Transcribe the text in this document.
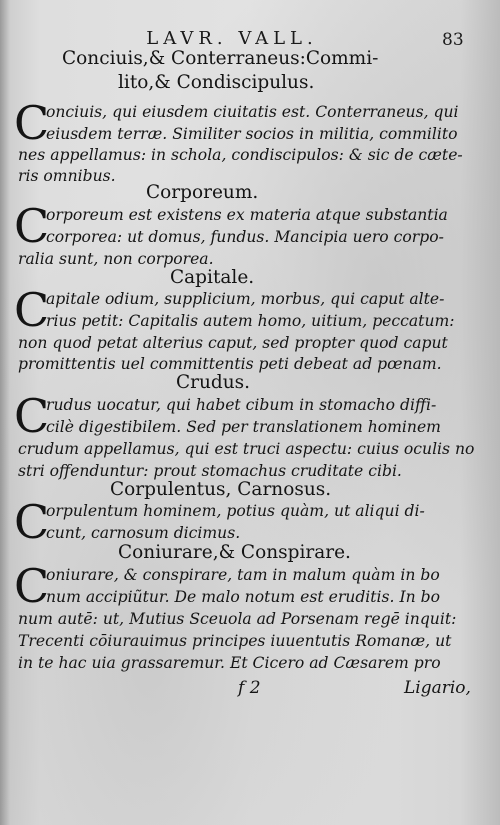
LAVR. VALL.	83
Conciuis,& Conterraneus:Commi-
lito,& Condiscipulus.
C
onciuis, qui eiusdem ciuitatis est. Conterraneus, qui
eiusdem terræ. Similiter socios in militia, commilito
nes appellamus: in schola, condiscipulos: & sic de cæte-
ris omnibus.
Corporeum.
C
orporeum est existens ex materia atque substantia
corporea: ut domus, fundus. Mancipia uero corpo-
ralia sunt, non corporea.
Capitale.
C
apitale odium, supplicium, morbus, qui caput alte-
rius petit: Capitalis autem homo, uitium, peccatum:
non quod petat alterius caput, sed propter quod caput
promittentis uel committentis peti debeat ad pœnam.
Crudus.
C
rudus uocatur, qui habet cibum in stomacho diffi-
cilè digestibilem. Sed per translationem hominem
crudum appellamus, qui est truci aspectu: cuius oculis no
stri offenduntur: prout stomachus cruditate cibi.
Corpulentus, Carnosus.
C
orpulentum hominem, potius quàm, ut aliqui di-
cunt, carnosum dicimus.
Coniurare,& Conspirare.
C
oniurare, & conspirare, tam in malum quàm in bo
num accipiũtur. De malo notum est eruditis. In bo
num autē: ut, Mutius Sceuola ad Porsenam regē inquit:
Trecenti cōiurauimus principes iuuentutis Romanæ, ut
in te hac uia grassaremur. Et Cicero ad Cæsarem pro
f 2	Ligario,
